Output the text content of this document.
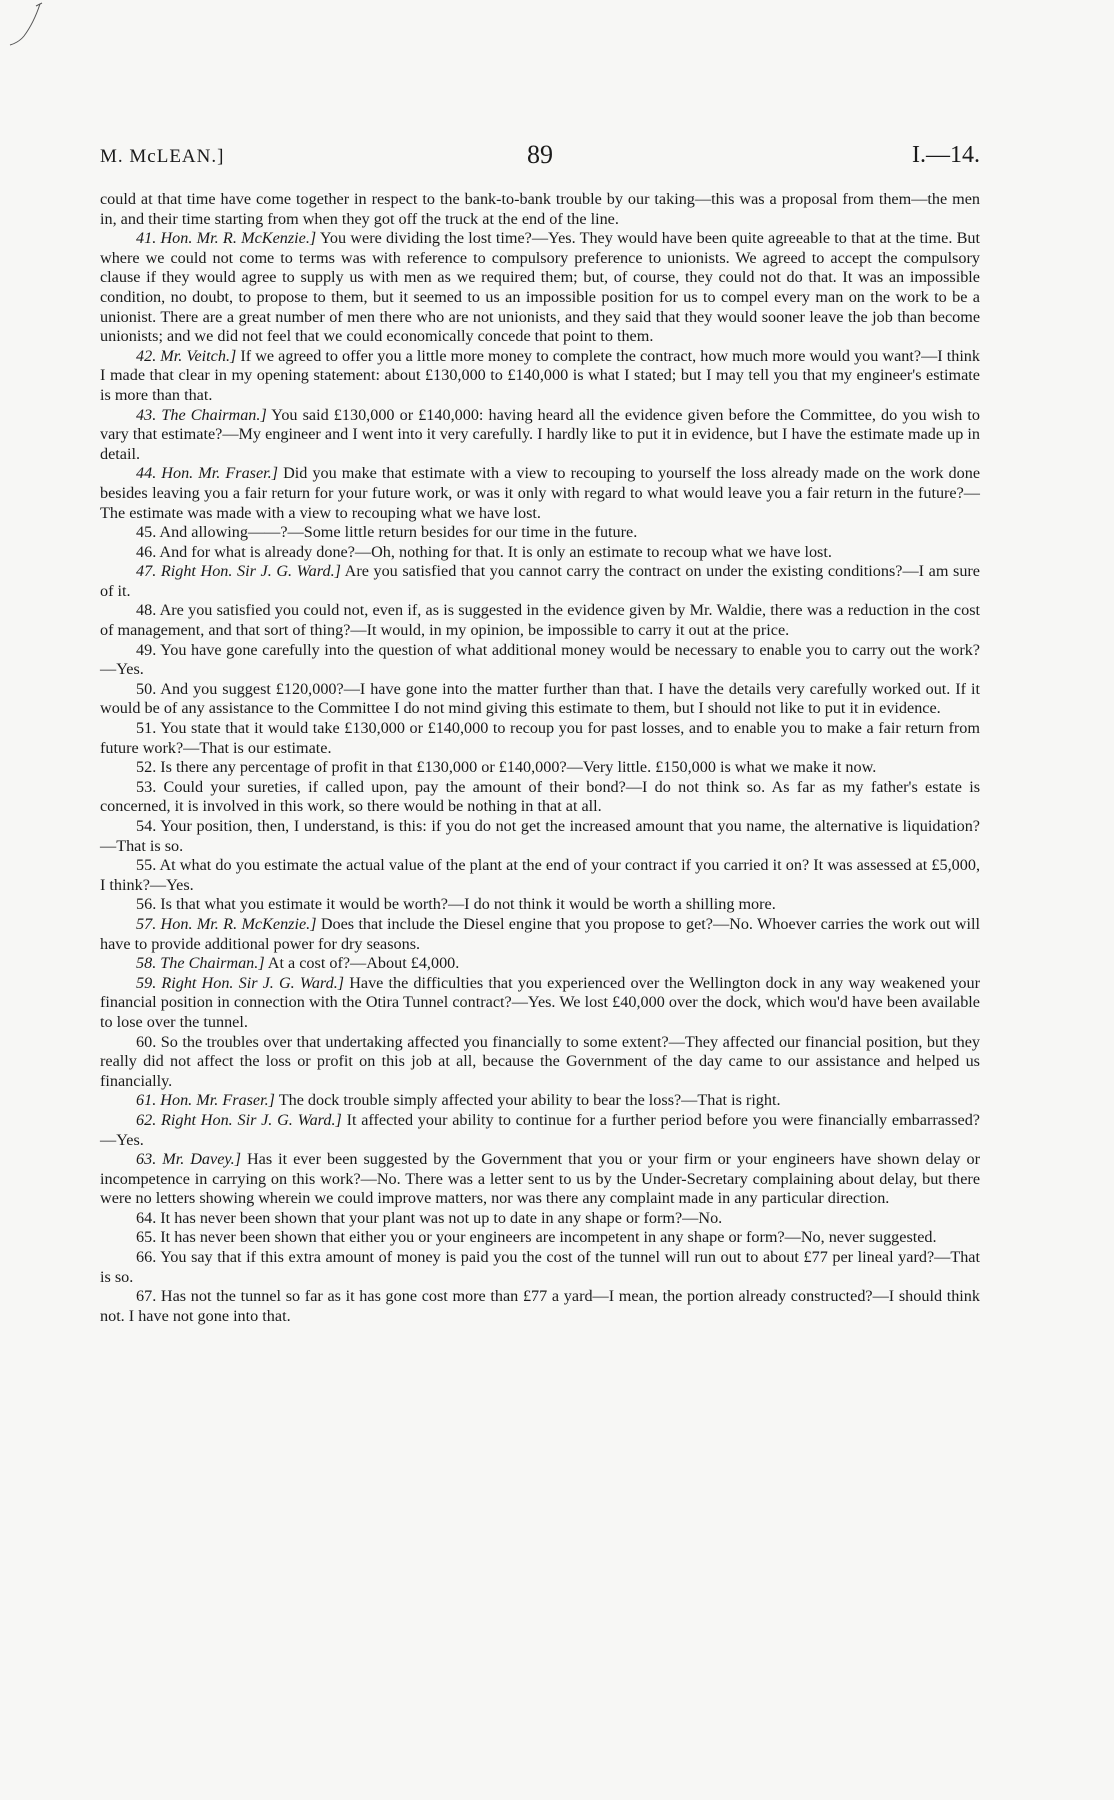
M. McLEAN.]	89	I.—14.

could at that time have come together in respect to the bank-to-bank trouble by our taking—this was a proposal from them—the men in, and their time starting from when they got off the truck at the end of the line.

41. Hon. Mr. R. McKenzie.] You were dividing the lost time?—Yes. They would have been quite agreeable to that at the time. But where we could not come to terms was with reference to compulsory preference to unionists. We agreed to accept the compulsory clause if they would agree to supply us with men as we required them; but, of course, they could not do that. It was an impossible condition, no doubt, to propose to them, but it seemed to us an impossible position for us to compel every man on the work to be a unionist. There are a great number of men there who are not unionists, and they said that they would sooner leave the job than become unionists; and we did not feel that we could economically concede that point to them.

42. Mr. Veitch.] If we agreed to offer you a little more money to complete the contract, how much more would you want?—I think I made that clear in my opening statement: about £130,000 to £140,000 is what I stated; but I may tell you that my engineer's estimate is more than that.

43. The Chairman.] You said £130,000 or £140,000: having heard all the evidence given before the Committee, do you wish to vary that estimate?—My engineer and I went into it very carefully. I hardly like to put it in evidence, but I have the estimate made up in detail.

44. Hon. Mr. Fraser.] Did you make that estimate with a view to recouping to yourself the loss already made on the work done besides leaving you a fair return for your future work, or was it only with regard to what would leave you a fair return in the future?—The estimate was made with a view to recouping what we have lost.

45. And allowing——?—Some little return besides for our time in the future.

46. And for what is already done?—Oh, nothing for that. It is only an estimate to recoup what we have lost.

47. Right Hon. Sir J. G. Ward.] Are you satisfied that you cannot carry the contract on under the existing conditions?—I am sure of it.

48. Are you satisfied you could not, even if, as is suggested in the evidence given by Mr. Waldie, there was a reduction in the cost of management, and that sort of thing?—It would, in my opinion, be impossible to carry it out at the price.

49. You have gone carefully into the question of what additional money would be necessary to enable you to carry out the work?—Yes.

50. And you suggest £120,000?—I have gone into the matter further than that. I have the details very carefully worked out. If it would be of any assistance to the Committee I do not mind giving this estimate to them, but I should not like to put it in evidence.

51. You state that it would take £130,000 or £140,000 to recoup you for past losses, and to enable you to make a fair return from future work?—That is our estimate.

52. Is there any percentage of profit in that £130,000 or £140,000?—Very little. £150,000 is what we make it now.

53. Could your sureties, if called upon, pay the amount of their bond?—I do not think so. As far as my father's estate is concerned, it is involved in this work, so there would be nothing in that at all.

54. Your position, then, I understand, is this: if you do not get the increased amount that you name, the alternative is liquidation?—That is so.

55. At what do you estimate the actual value of the plant at the end of your contract if you carried it on? It was assessed at £5,000, I think?—Yes.

56. Is that what you estimate it would be worth?—I do not think it would be worth a shilling more.

57. Hon. Mr. R. McKenzie.] Does that include the Diesel engine that you propose to get?—No. Whoever carries the work out will have to provide additional power for dry seasons.

58. The Chairman.] At a cost of?—About £4,000.

59. Right Hon. Sir J. G. Ward.] Have the difficulties that you experienced over the Wellington dock in any way weakened your financial position in connection with the Otira Tunnel contract?—Yes. We lost £40,000 over the dock, which wou'd have been available to lose over the tunnel.

60. So the troubles over that undertaking affected you financially to some extent?—They affected our financial position, but they really did not affect the loss or profit on this job at all, because the Government of the day came to our assistance and helped us financially.

61. Hon. Mr. Fraser.] The dock trouble simply affected your ability to bear the loss?—That is right.

62. Right Hon. Sir J. G. Ward.] It affected your ability to continue for a further period before you were financially embarrassed?—Yes.

63. Mr. Davey.] Has it ever been suggested by the Government that you or your firm or your engineers have shown delay or incompetence in carrying on this work?—No. There was a letter sent to us by the Under-Secretary complaining about delay, but there were no letters showing wherein we could improve matters, nor was there any complaint made in any particular direction.

64. It has never been shown that your plant was not up to date in any shape or form?—No.

65. It has never been shown that either you or your engineers are incompetent in any shape or form?—No, never suggested.

66. You say that if this extra amount of money is paid you the cost of the tunnel will run out to about £77 per lineal yard?—That is so.

67. Has not the tunnel so far as it has gone cost more than £77 a yard—I mean, the portion already constructed?—I should think not. I have not gone into that.
